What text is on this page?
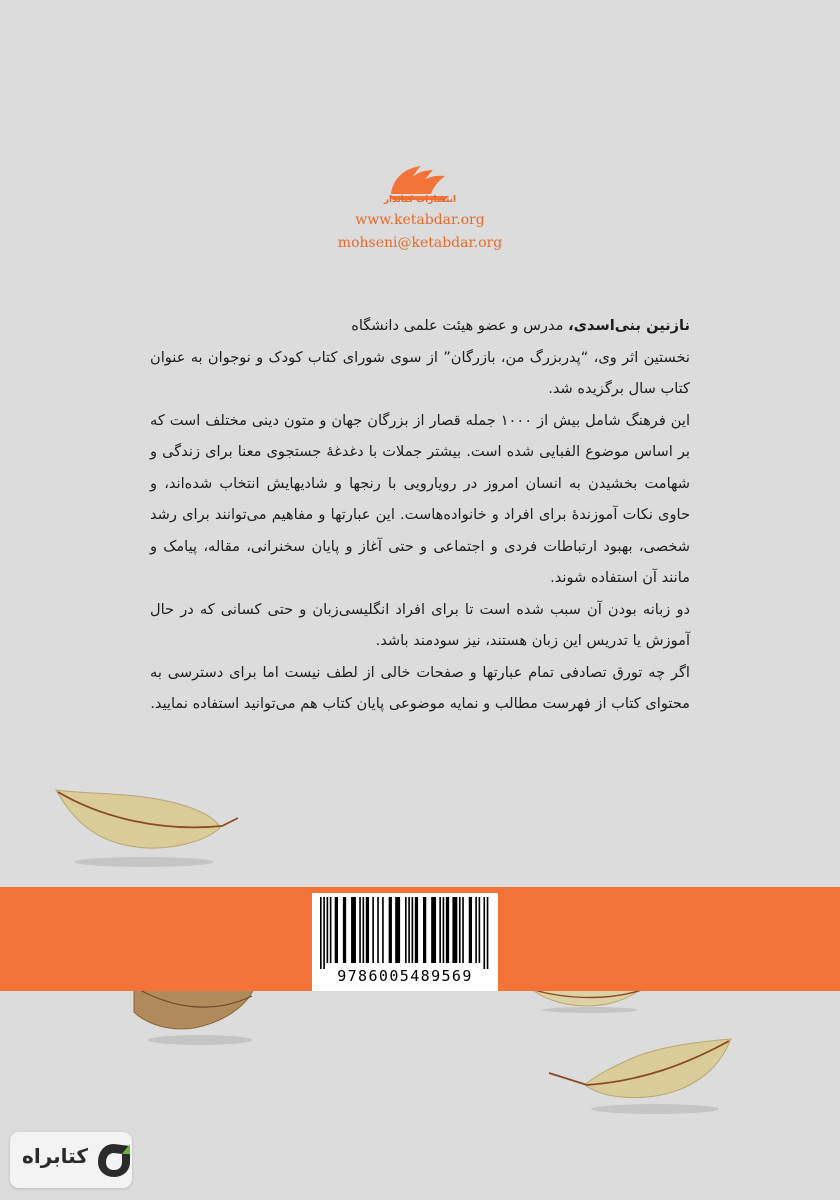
انتشارات کتابدار
www.ketabdar.org
mohseni@ketabdar.org

نازنین بنی‌اسدی، مدرس و عضو هیئت علمی دانشگاه

نخستین اثر وی، “پدربزرگ من، بازرگان” از سوی شورای کتاب کودک و نوجوان به عنوان کتاب سال برگزیده شد.

این فرهنگ شامل بیش از ۱۰۰۰ جمله قصار از بزرگان جهان و متون دینی مختلف است که بر اساس موضوع الفبایی شده است. بیشتر جملات با دغدغۀ جستجوی معنا برای زندگی و شهامت بخشیدن به انسان امروز در رویارویی با رنجها و شادیهایش انتخاب شده‌اند، و حاوی نکات آموزندۀ برای افراد و خانواده‌هاست. این عبارتها و مفاهیم می‌توانند برای رشد شخصی، بهبود ارتباطات فردی و اجتماعی و حتی آغاز و پایان سخنرانی، مقاله، پیامک و مانند آن استفاده شوند.

دو زبانه بودن آن سبب شده است تا برای افراد انگلیسی‌زبان و حتی کسانی که در حال آموزش یا تدریس این زبان هستند، نیز سودمند باشد.

اگر چه تورق تصادفی تمام عبارتها و صفحات خالی از لطف نیست اما برای دسترسی به محتوای کتاب از فهرست مطالب و نمایه موضوعی پایان کتاب هم می‌توانید استفاده نمایید.

9786005489569
کتابراه
